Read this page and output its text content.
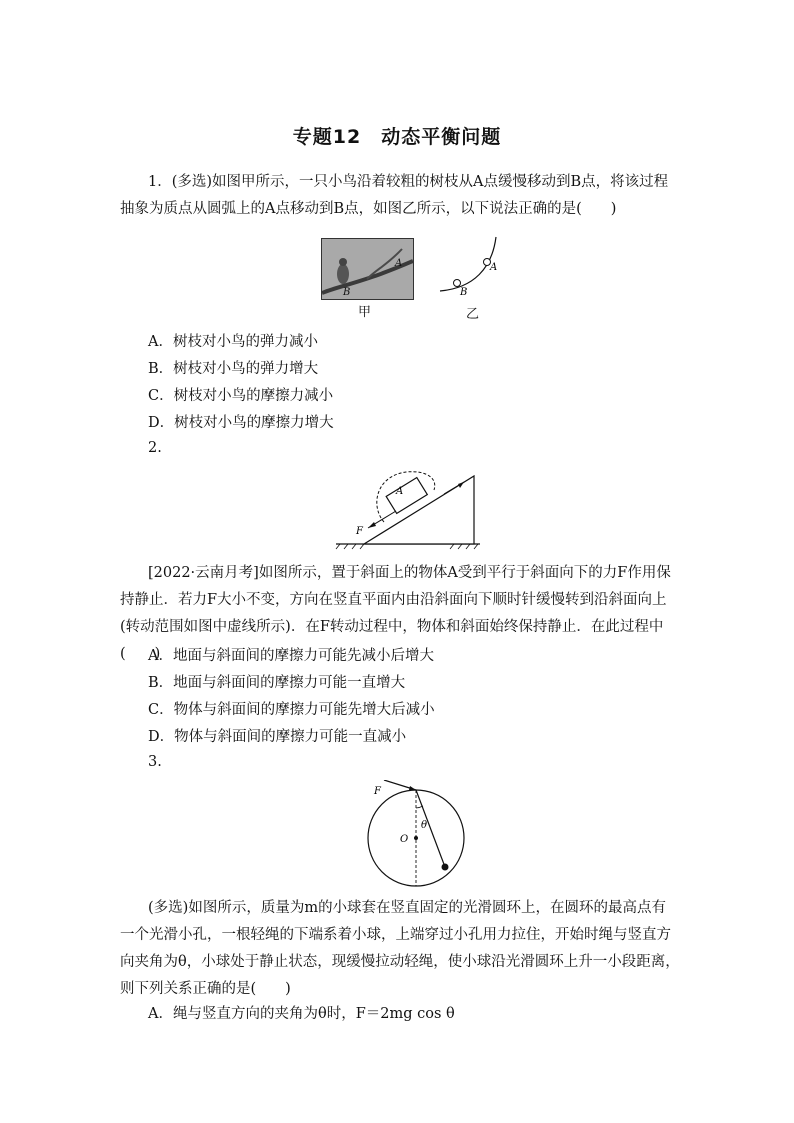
专题12　动态平衡问题
1．(多选)如图甲所示，一只小鸟沿着较粗的树枝从A点缓慢移动到B点，将该过程抽象为质点从圆弧上的A点移动到B点，如图乙所示，以下说法正确的是(　　)
A
B
甲
A
B
乙
A．树枝对小鸟的弹力减小
B．树枝对小鸟的弹力增大
C．树枝对小鸟的摩擦力减小
D．树枝对小鸟的摩擦力增大
2.
A
F
[2022·云南月考]如图所示，置于斜面上的物体A受到平行于斜面向下的力F作用保持静止．若力F大小不变，方向在竖直平面内由沿斜面向下顺时针缓慢转到沿斜面向上(转动范围如图中虚线所示)．在F转动过程中，物体和斜面始终保持静止．在此过程中(　　)
A．地面与斜面间的摩擦力可能先减小后增大
B．地面与斜面间的摩擦力可能一直增大
C．物体与斜面间的摩擦力可能先增大后减小
D．物体与斜面间的摩擦力可能一直减小
3.
O
F
θ
(多选)如图所示，质量为m的小球套在竖直固定的光滑圆环上，在圆环的最高点有一个光滑小孔，一根轻绳的下端系着小球，上端穿过小孔用力拉住，开始时绳与竖直方向夹角为θ，小球处于静止状态，现缓慢拉动轻绳，使小球沿光滑圆环上升一小段距离，则下列关系正确的是(　　)
A．绳与竖直方向的夹角为θ时，F＝2mg cos θ
